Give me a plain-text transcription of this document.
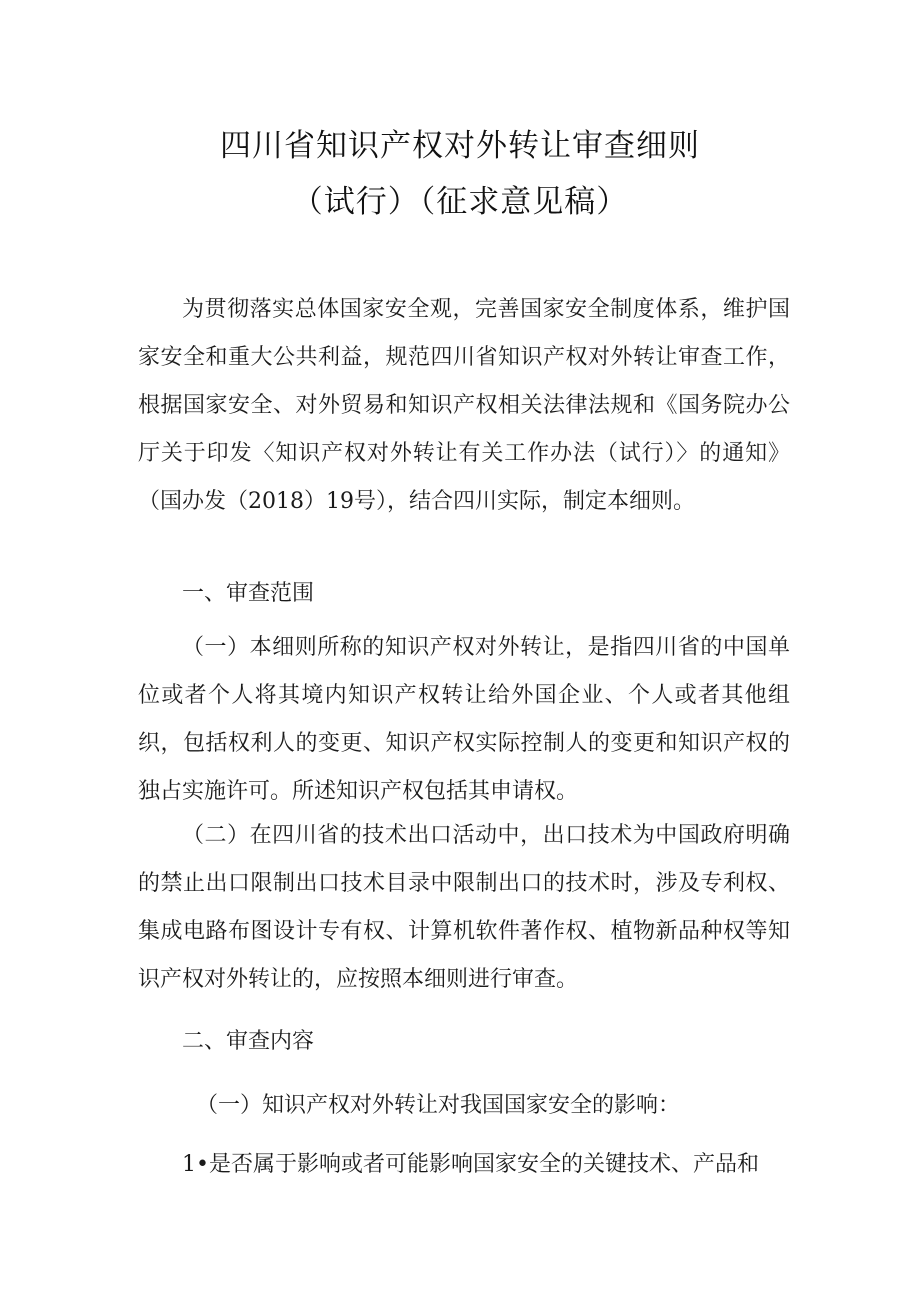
四川省知识产权对外转让审查细则
（试行）（征求意见稿）

为贯彻落实总体国家安全观，完善国家安全制度体系，维护国家安全和重大公共利益，规范四川省知识产权对外转让审查工作，根据国家安全、对外贸易和知识产权相关法律法规和《国务院办公厅关于印发〈知识产权对外转让有关工作办法（试行）〉的通知》（国办发（2018）19号），结合四川实际，制定本细则。

一、审查范围

（一）本细则所称的知识产权对外转让，是指四川省的中国单位或者个人将其境内知识产权转让给外国企业、个人或者其他组织，包括权利人的变更、知识产权实际控制人的变更和知识产权的独占实施许可。所述知识产权包括其申请权。

（二）在四川省的技术出口活动中，出口技术为中国政府明确的禁止出口限制出口技术目录中限制出口的技术时，涉及专利权、集成电路布图设计专有权、计算机软件著作权、植物新品种权等知识产权对外转让的，应按照本细则进行审查。

二、审查内容

（一）知识产权对外转让对我国国家安全的影响：

1•是否属于影响或者可能影响国家安全的关键技术、产品和
